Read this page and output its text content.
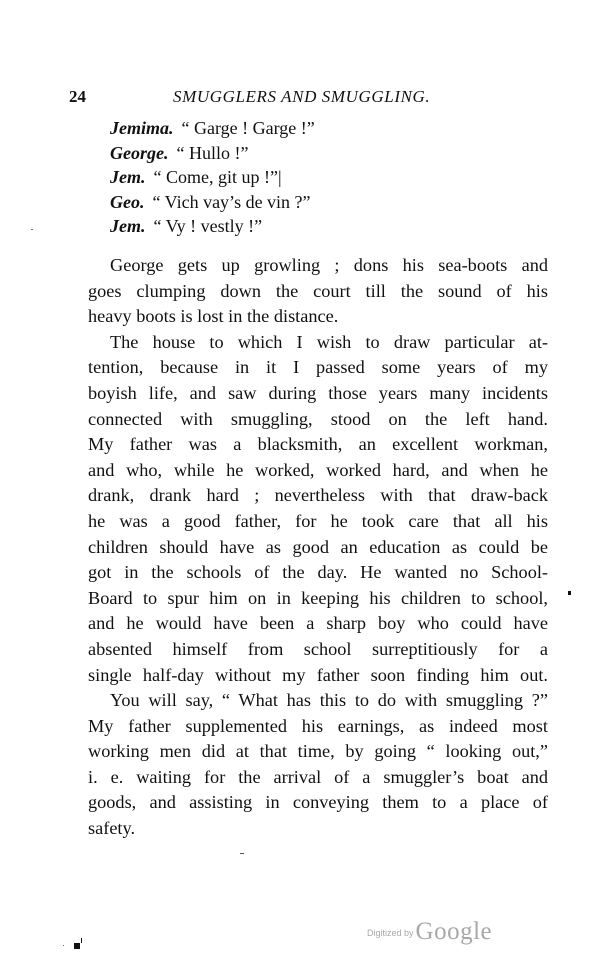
24	SMUGGLERS AND SMUGGLING.
Jemima. “ Garge ! Garge !”
George. “ Hullo !”
Jem. “ Come, git up !”|
Geo. “ Vich vay’s de vin ?”
Jem. “ Vy ! vestly !”
George gets up growling ; dons his sea-boots and
goes clumping down the court till the sound of his
heavy boots is lost in the distance.
The house to which I wish to draw particular at-
tention, because in it I passed some years of my
boyish life, and saw during those years many incidents
connected with smuggling, stood on the left hand.
My father was a blacksmith, an excellent workman,
and who, while he worked, worked hard, and when he
drank, drank hard ; nevertheless with that draw-back
he was a good father, for he took care that all his
children should have as good an education as could be
got in the schools of the day. He wanted no School-
Board to spur him on in keeping his children to school,
and he would have been a sharp boy who could have
absented himself from school surreptitiously for a
single half-day without my father soon finding him out.
You will say, “ What has this to do with smuggling ?”
My father supplemented his earnings, as indeed most
working men did at that time, by going “ looking out,”
i. e. waiting for the arrival of a smuggler’s boat and
goods, and assisting in conveying them to a place of
safety.
Digitized byGoogle
